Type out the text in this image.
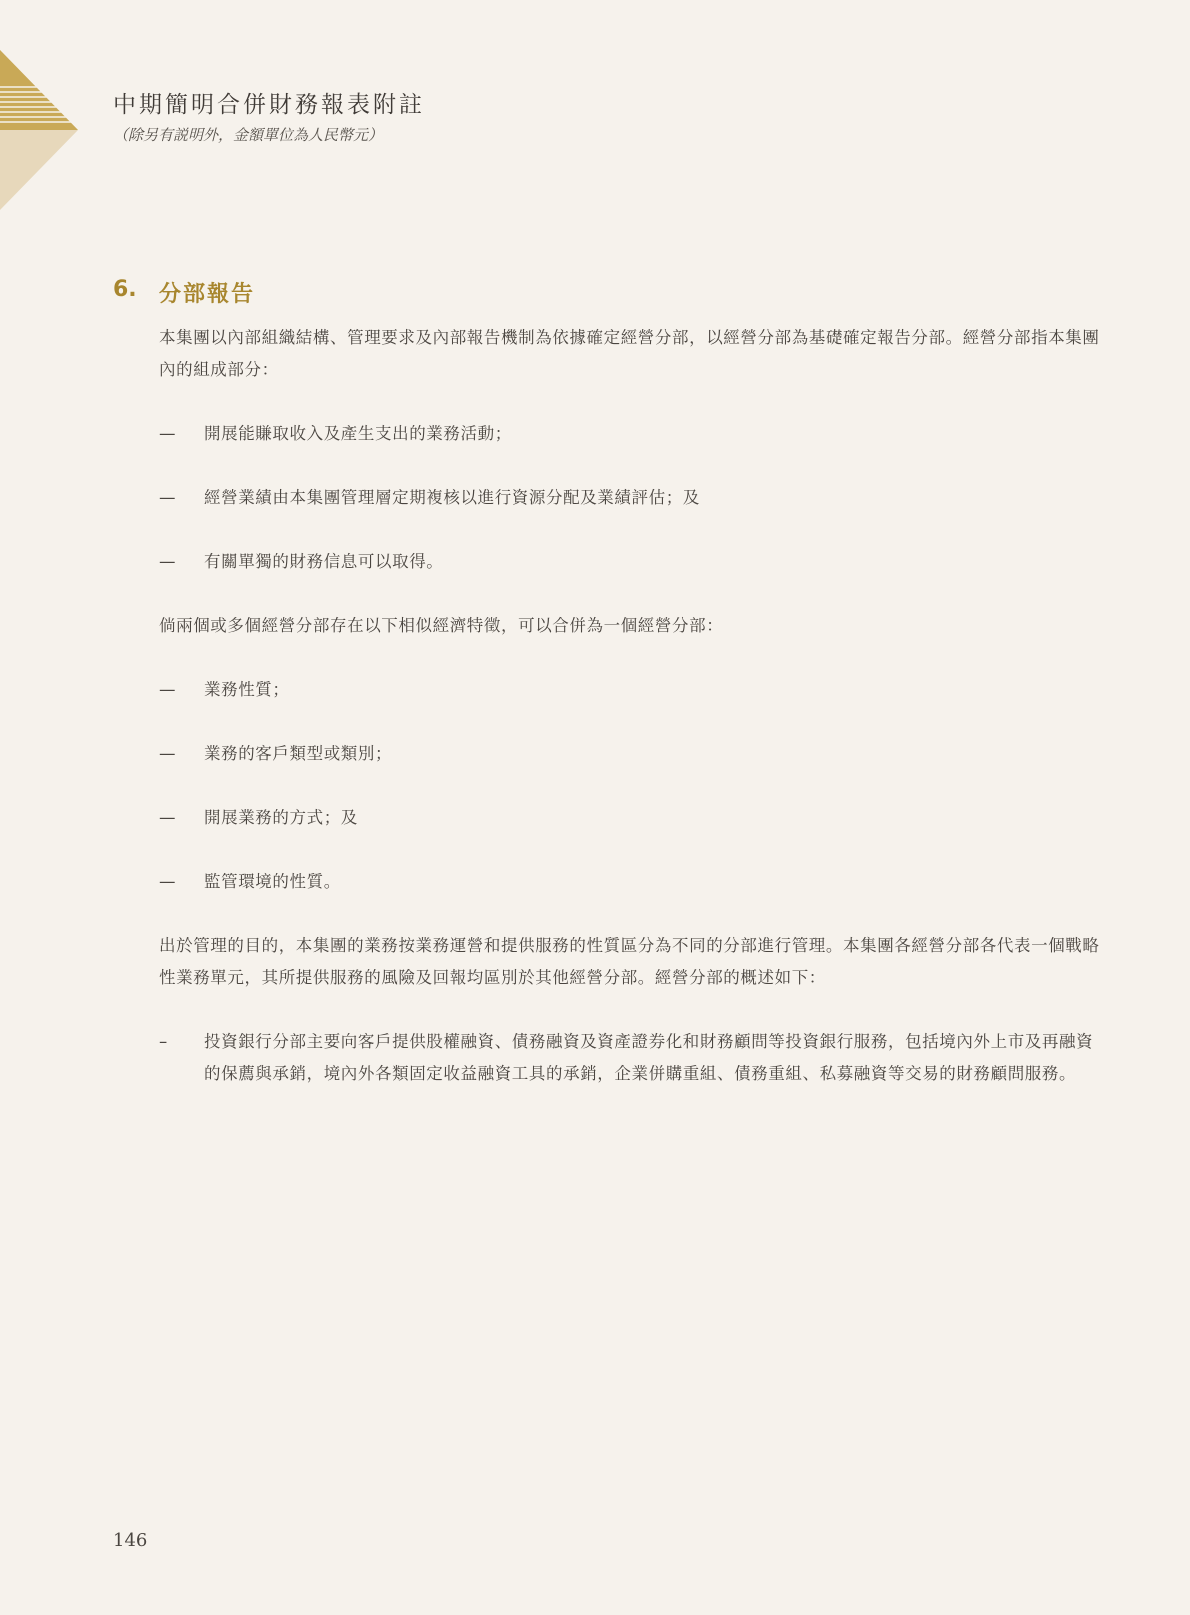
中期簡明合併財務報表附註
（除另有説明外，金額單位為人民幣元）
6.	分部報告
本集團以內部組織結構、管理要求及內部報告機制為依據確定經營分部，以經營分部為基礎確定報告分部。經營分部指本集團內的組成部分：
—	開展能賺取收入及產生支出的業務活動；
—	經營業績由本集團管理層定期複核以進行資源分配及業績評估；及
—	有關單獨的財務信息可以取得。
倘兩個或多個經營分部存在以下相似經濟特徵，可以合併為一個經營分部：
—	業務性質；
—	業務的客戶類型或類別；
—	開展業務的方式；及
—	監管環境的性質。
出於管理的目的，本集團的業務按業務運營和提供服務的性質區分為不同的分部進行管理。本集團各經營分部各代表一個戰略性業務單元，其所提供服務的風險及回報均區別於其他經營分部。經營分部的概述如下：
–	投資銀行分部主要向客戶提供股權融資、債務融資及資產證券化和財務顧問等投資銀行服務，包括境內外上市及再融資的保薦與承銷，境內外各類固定收益融資工具的承銷，企業併購重組、債務重組、私募融資等交易的財務顧問服務。
146
